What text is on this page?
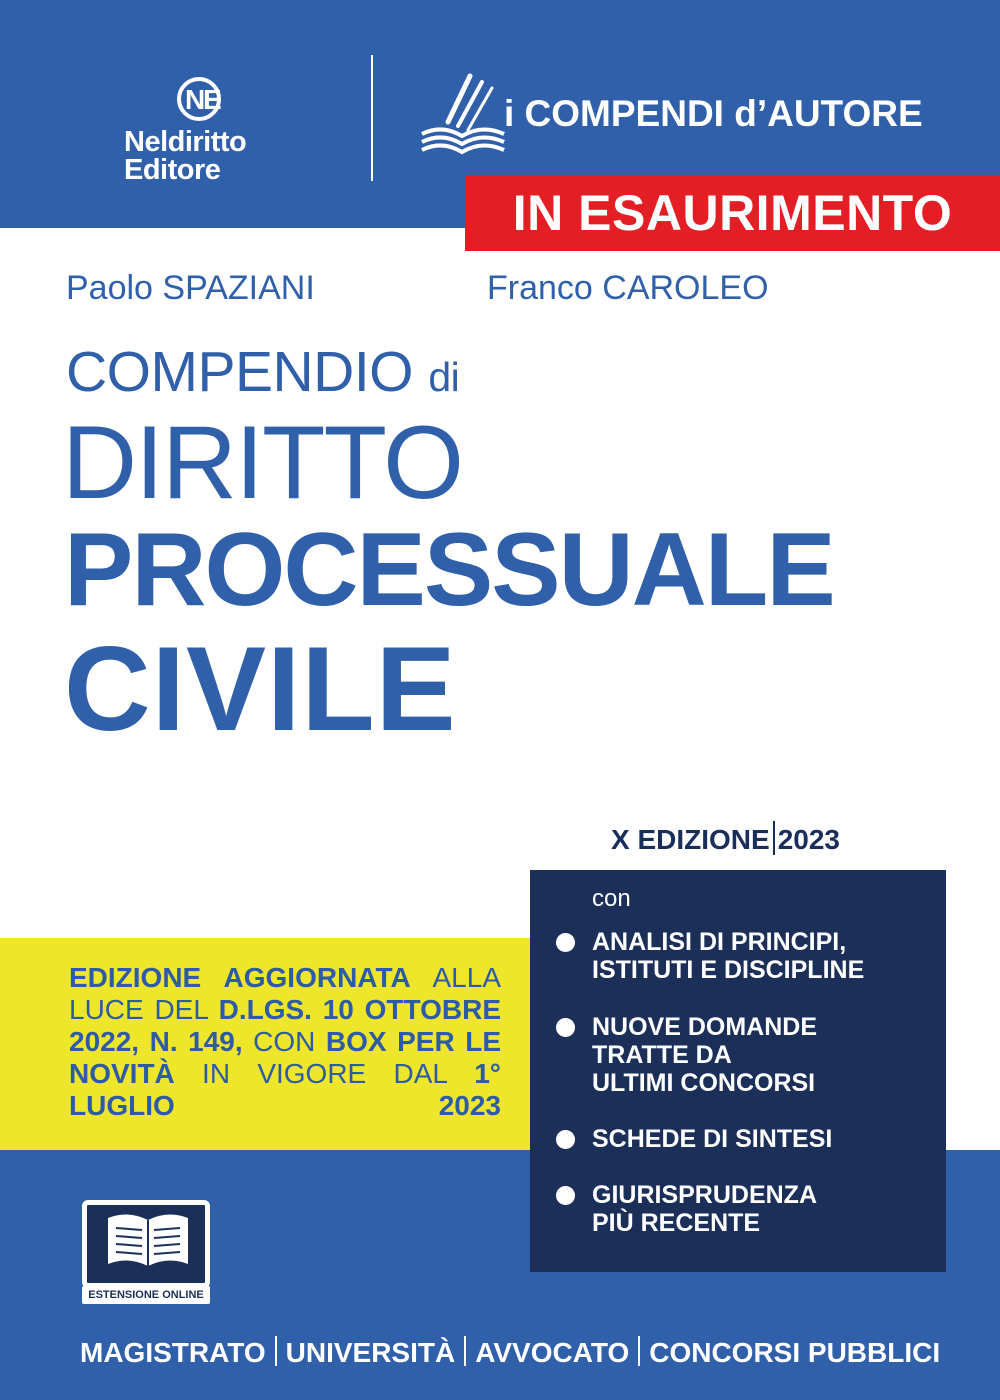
N
E
Neldiritto
Editore
i COMPENDI d’AUTORE
IN ESAURIMENTO
Paolo SPAZIANI	Franco CAROLEO
COMPENDIO di
DIRITTO
PROCESSUALE
CIVILE
X EDIZIONE 2023
EDIZIONE AGGIORNATA ALLA LUCE DEL D.LGS. 10 OTTOBRE 2022, N. 149, CON BOX PER LE NOVITÀ IN VIGORE DAL 1° LUGLIO 2023
con
ANALISI DI PRINCIPI,
ISTITUTI E DISCIPLINE
NUOVE DOMANDE
TRATTE DA
ULTIMI CONCORSI
SCHEDE DI SINTESI
GIURISPRUDENZA
PIÙ RECENTE
ESTENSIONE ONLINE
MAGISTRATO UNIVERSITÀ AVVOCATO CONCORSI PUBBLICI
